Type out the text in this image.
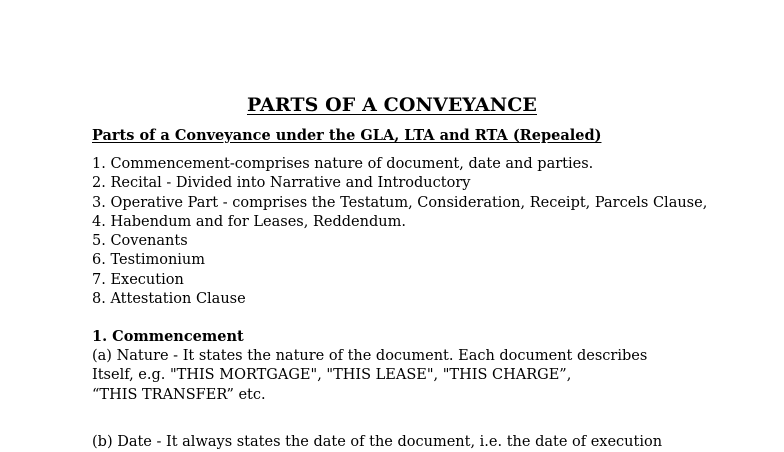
PARTS OF A CONVEYANCE
Parts of a Conveyance under the GLA, LTA and RTA (Repealed)
1. Commencement-comprises nature of document, date and parties.
2. Recital - Divided into Narrative and Introductory
3. Operative Part - comprises the Testatum, Consideration, Receipt, Parcels Clause,
4. Habendum and for Leases, Reddendum.
5. Covenants
6. Testimonium
7. Execution
8. Attestation Clause
1. Commencement
(a) Nature - It states the nature of the document. Each document describes
Itself, e.g. "THIS MORTGAGE", "THIS LEASE", "THIS CHARGE”,
“THIS TRANSFER” etc.
(b) Date - It always states the date of the document, i.e. the date of execution
